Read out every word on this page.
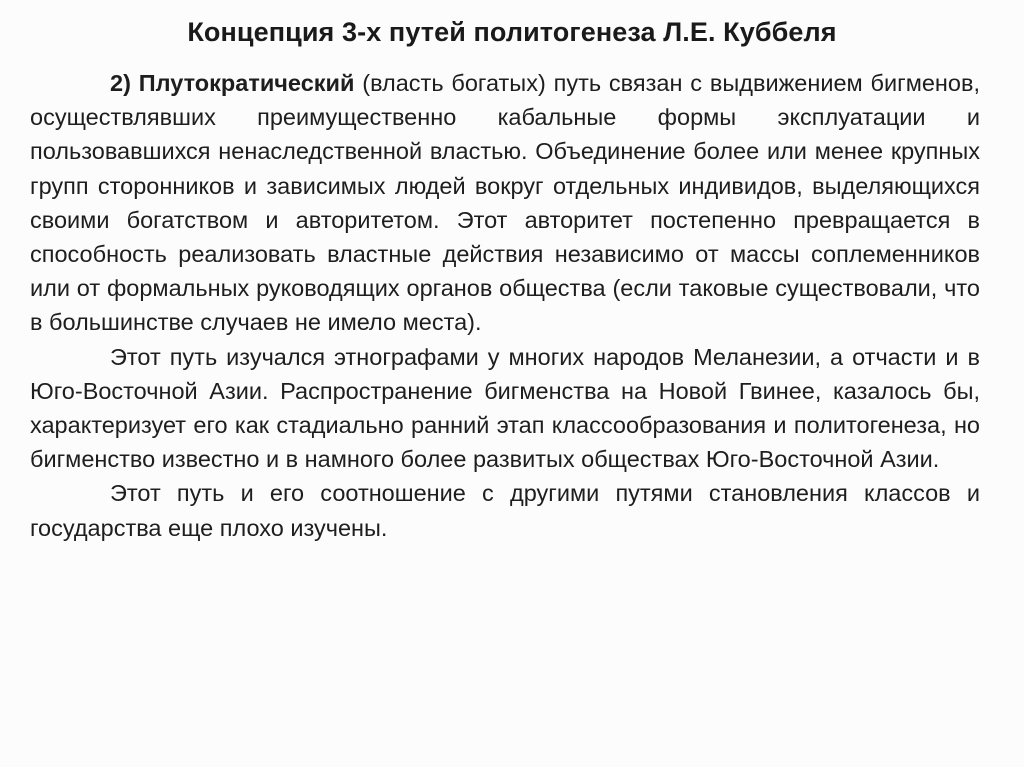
Концепция 3-х путей политогенеза Л.Е. Куббеля

2) Плутократический (власть богатых) путь связан с выдвижением бигменов, осуществлявших преимущественно кабальные формы эксплуатации и пользовавшихся ненаследственной властью. Объединение более или менее крупных групп сторонников и зависимых людей вокруг отдельных индивидов, выделяющихся своими богатством и авторитетом. Этот авторитет постепенно превращается в способность реализовать властные действия независимо от массы соплеменников или от формальных руководящих органов общества (если таковые существовали, что в большинстве случаев не имело места).

Этот путь изучался этнографами у многих народов Меланезии, а отчасти и в Юго-Восточной Азии. Распространение бигменства на Новой Гвинее, казалось бы, характеризует его как стадиально ранний этап классообразования и политогенеза, но бигменство известно и в намного более развитых обществах Юго-Восточной Азии.

Этот путь и его соотношение с другими путями становления классов и государства еще плохо изучены.
